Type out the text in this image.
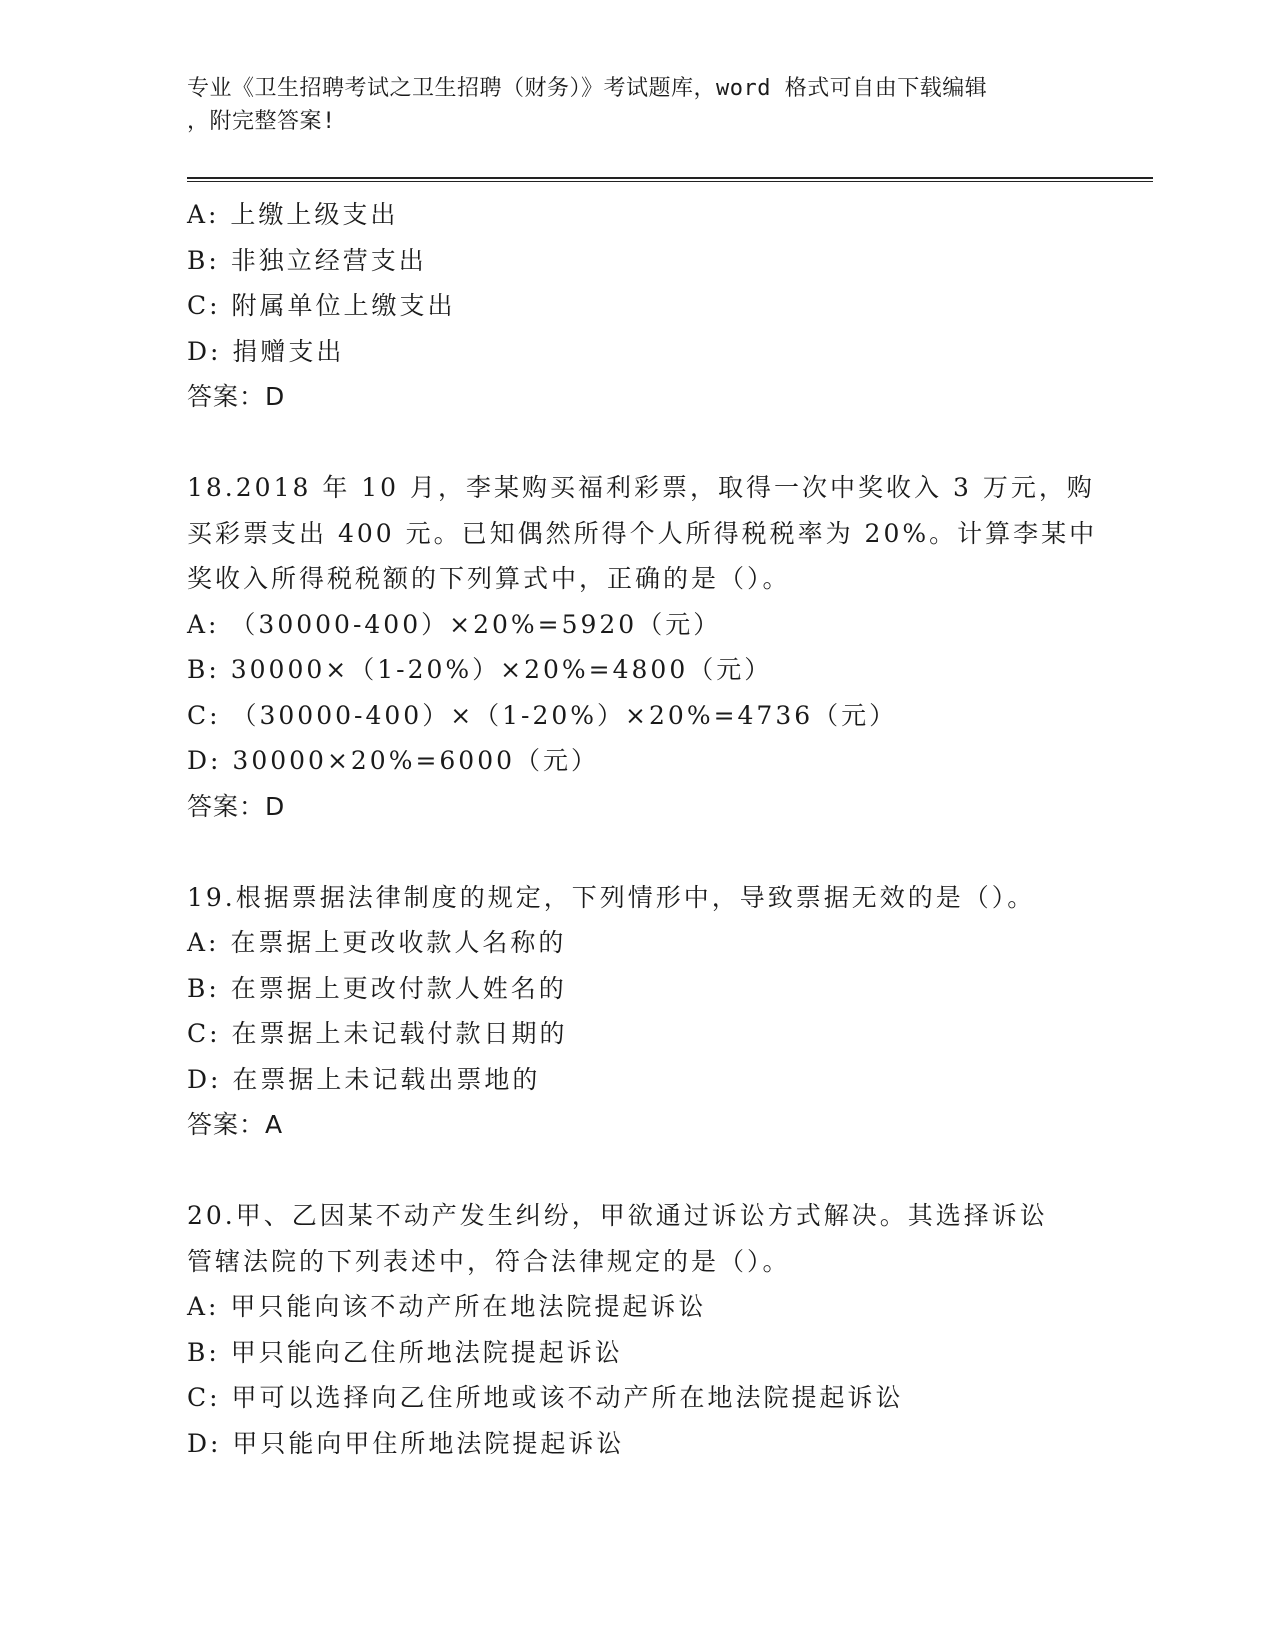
专业《卫生招聘考试之卫生招聘（财务）》考试题库，word 格式可自由下载编辑
，附完整答案!
A: 上缴上级支出
B: 非独立经营支出
C: 附属单位上缴支出
D: 捐赠支出
答案：D
18.2018 年 10 月，李某购买福利彩票，取得一次中奖收入 3 万元，购
买彩票支出 400 元。已知偶然所得个人所得税税率为 20%。计算李某中
奖收入所得税税额的下列算式中，正确的是（）。
A: （30000-400）×20%=5920（元）
B: 30000×（1-20%）×20%=4800（元）
C: （30000-400）×（1-20%）×20%=4736（元）
D: 30000×20%=6000（元）
答案：D
19.根据票据法律制度的规定，下列情形中，导致票据无效的是（）。
A: 在票据上更改收款人名称的
B: 在票据上更改付款人姓名的
C: 在票据上未记载付款日期的
D: 在票据上未记载出票地的
答案：A
20.甲、乙因某不动产发生纠纷，甲欲通过诉讼方式解决。其选择诉讼
管辖法院的下列表述中，符合法律规定的是（）。
A: 甲只能向该不动产所在地法院提起诉讼
B: 甲只能向乙住所地法院提起诉讼
C: 甲可以选择向乙住所地或该不动产所在地法院提起诉讼
D: 甲只能向甲住所地法院提起诉讼
